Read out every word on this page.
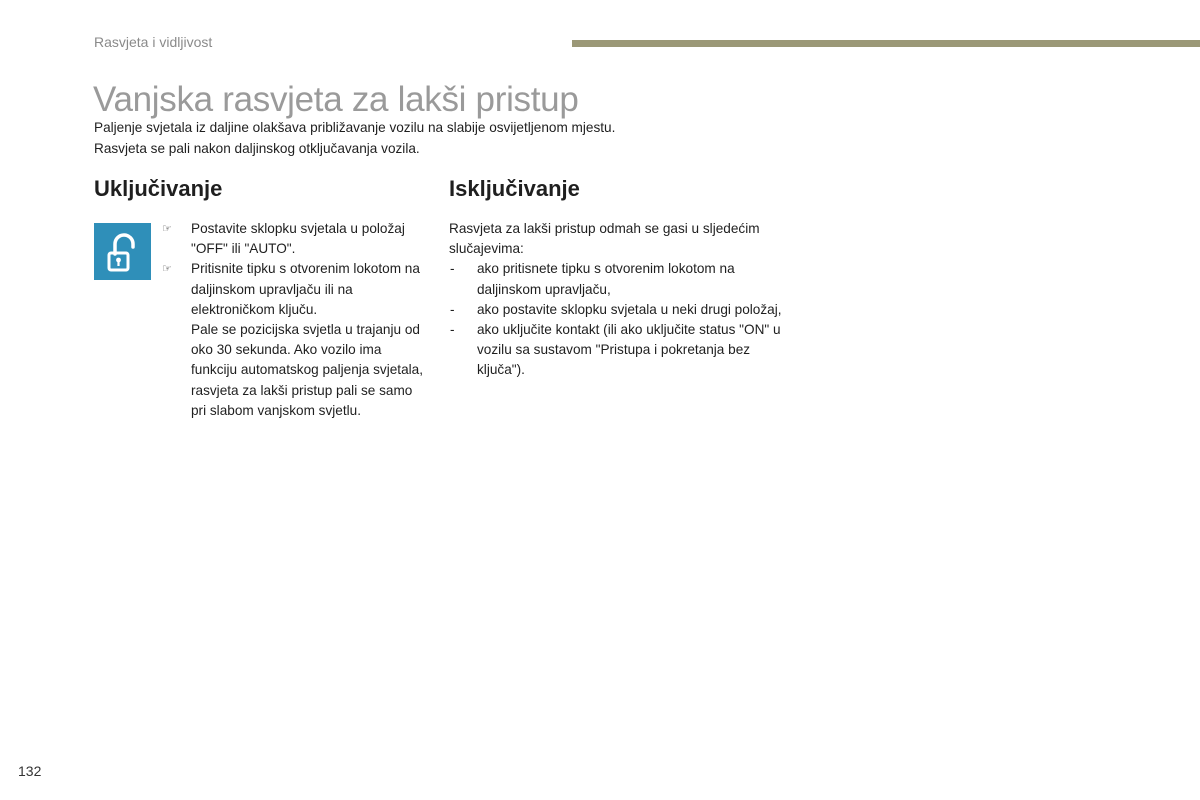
Rasvjeta i vidljivost
Vanjska rasvjeta za lakši pristup

Paljenje svjetala iz daljine olakšava približavanje vozilu na slabije osvijetljenom mjestu.

Rasvjeta se pali nakon daljinskog otključavanja vozila.

Uključivanje	Isključivanje
☞ Postavite sklopku svjetala u položaj "OFF" ili "AUTO".
☞ Pritisnite tipku s otvorenim lokotom na daljinskom upravljaču ili na elektroničkom ključu.
Pale se pozicijska svjetla u trajanju od oko 30 sekunda. Ako vozilo ima funkciju automatskog paljenja svjetala, rasvjeta za lakši pristup pali se samo pri slabom vanjskom svjetlu.

Rasvjeta za lakši pristup odmah se gasi u sljedećim slučajevima:

- ako pritisnete tipku s otvorenim lokotom na daljinskom upravljaču,
- ako postavite sklopku svjetala u neki drugi položaj,
- ako uključite kontakt (ili ako uključite status "ON" u vozilu sa sustavom "Pristupa i pokretanja bez ključa").
132
